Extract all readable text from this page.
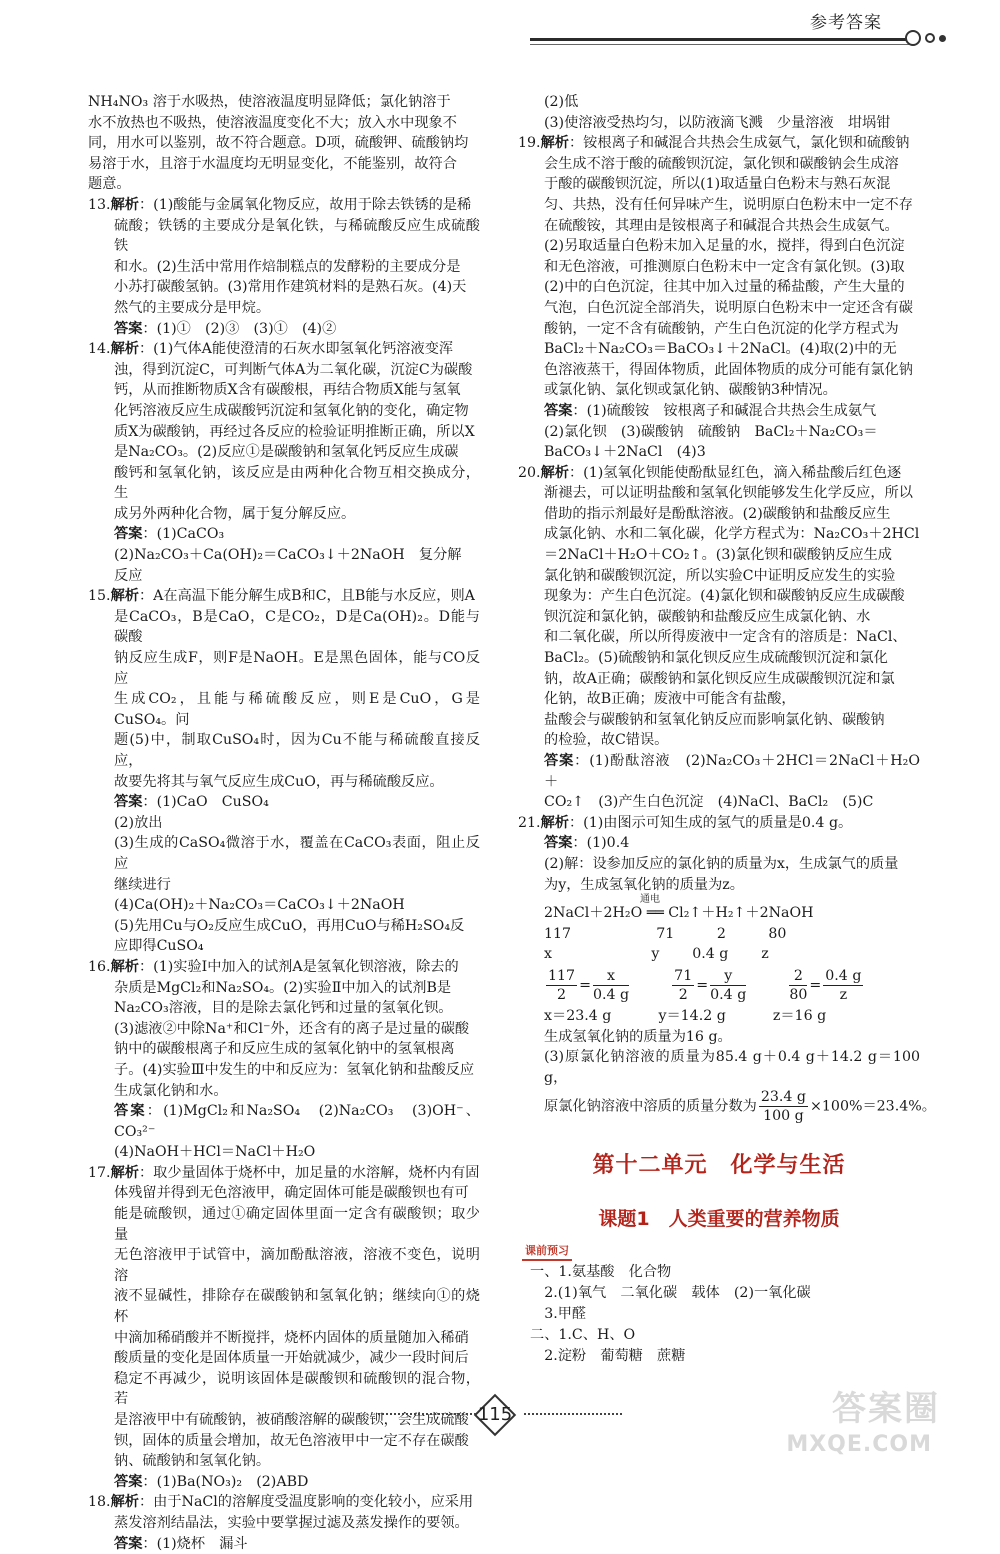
参考答案
NH₄NO₃ 溶于水吸热，使溶液温度明显降低；氯化钠溶于
水不放热也不吸热，使溶液温度变化不大；放入水中现象不
同，用水可以鉴别，故不符合题意。D项，硫酸钾、硫酸钠均
易溶于水，且溶于水温度均无明显变化，不能鉴别，故符合
题意。
13.解析：(1)酸能与金属氧化物反应，故用于除去铁锈的是稀
硫酸；铁锈的主要成分是氧化铁，与稀硫酸反应生成硫酸铁
和水。(2)生活中常用作焙制糕点的发酵粉的主要成分是
小苏打碳酸氢钠。(3)常用作建筑材料的是熟石灰。(4)天
然气的主要成分是甲烷。
答案：(1)①　(2)③　(3)①　(4)②
14.解析：(1)气体A能使澄清的石灰水即氢氧化钙溶液变浑
浊，得到沉淀C，可判断气体A为二氧化碳，沉淀C为碳酸
钙，从而推断物质X含有碳酸根，再结合物质X能与氢氧
化钙溶液反应生成碳酸钙沉淀和氢氧化钠的变化，确定物
质X为碳酸钠，再经过各反应的检验证明推断正确，所以X
是Na₂CO₃。(2)反应①是碳酸钠和氢氧化钙反应生成碳
酸钙和氢氧化钠，该反应是由两种化合物互相交换成分，生
成另外两种化合物，属于复分解反应。
答案：(1)CaCO₃
(2)Na₂CO₃＋Ca(OH)₂＝CaCO₃↓＋2NaOH　复分解
反应
15.解析：A在高温下能分解生成B和C，且B能与水反应，则A
是CaCO₃，B是CaO，C是CO₂，D是Ca(OH)₂。D能与碳酸
钠反应生成F，则F是NaOH。E是黑色固体，能与CO反应
生成CO₂，且能与稀硫酸反应，则E是CuO，G是CuSO₄。问
题(5)中，制取CuSO₄时，因为Cu不能与稀硫酸直接反应，
故要先将其与氧气反应生成CuO，再与稀硫酸反应。
答案：(1)CaO　CuSO₄
(2)放出
(3)生成的CaSO₄微溶于水，覆盖在CaCO₃表面，阻止反应
继续进行
(4)Ca(OH)₂＋Na₂CO₃＝CaCO₃↓＋2NaOH
(5)先用Cu与O₂反应生成CuO，再用CuO与稀H₂SO₄反
应即得CuSO₄
16.解析：(1)实验Ⅰ中加入的试剂A是氢氧化钡溶液，除去的
杂质是MgCl₂和Na₂SO₄。(2)实验Ⅱ中加入的试剂B是
Na₂CO₃溶液，目的是除去氯化钙和过量的氢氧化钡。
(3)滤液②中除Na⁺和Cl⁻外，还含有的离子是过量的碳酸
钠中的碳酸根离子和反应生成的氢氧化钠中的氢氧根离
子。(4)实验Ⅲ中发生的中和反应为：氢氧化钠和盐酸反应
生成氯化钠和水。
答案：(1)MgCl₂和Na₂SO₄　(2)Na₂CO₃　(3)OH⁻、CO₃²⁻
(4)NaOH＋HCl＝NaCl＋H₂O
17.解析：取少量固体于烧杯中，加足量的水溶解，烧杯内有固
体残留并得到无色溶液甲，确定固体可能是碳酸钡也有可
能是硫酸钡，通过①确定固体里面一定含有碳酸钡；取少量
无色溶液甲于试管中，滴加酚酞溶液，溶液不变色，说明溶
液不显碱性，排除存在碳酸钠和氢氧化钠；继续向①的烧杯
中滴加稀硝酸并不断搅拌，烧杯内固体的质量随加入稀硝
酸质量的变化是固体质量一开始就减少，减少一段时间后
稳定不再减少，说明该固体是碳酸钡和硫酸钡的混合物，若
是溶液甲中有硫酸钠，被硝酸溶解的碳酸钡，会生成硫酸
钡，固体的质量会增加，故无色溶液甲中一定不存在碳酸
钠、硫酸钠和氢氧化钠。
答案：(1)Ba(NO₃)₂　(2)ABD
18.解析：由于NaCl的溶解度受温度影响的变化较小，应采用
蒸发溶剂结晶法，实验中要掌握过滤及蒸发操作的要领。
答案：(1)烧杯　漏斗
(2)低
(3)使溶液受热均匀，以防液滴飞溅　少量溶液　坩埚钳
19.解析：铵根离子和碱混合共热会生成氨气，氯化钡和硫酸钠
会生成不溶于酸的硫酸钡沉淀，氯化钡和碳酸钠会生成溶
于酸的碳酸钡沉淀，所以(1)取适量白色粉末与熟石灰混
匀、共热，没有任何异味产生，说明原白色粉末中一定不存
在硫酸铵，其理由是铵根离子和碱混合共热会生成氨气。
(2)另取适量白色粉末加入足量的水，搅拌，得到白色沉淀
和无色溶液，可推测原白色粉末中一定含有氯化钡。(3)取
(2)中的白色沉淀，往其中加入过量的稀盐酸，产生大量的
气泡，白色沉淀全部消失，说明原白色粉末中一定还含有碳
酸钠，一定不含有硫酸钠，产生白色沉淀的化学方程式为
BaCl₂＋Na₂CO₃＝BaCO₃↓＋2NaCl。(4)取(2)中的无
色溶液蒸干，得固体物质，此固体物质的成分可能有氯化钠
或氯化钠、氯化钡或氯化钠、碳酸钠3种情况。
答案：(1)硫酸铵　铵根离子和碱混合共热会生成氨气
(2)氯化钡　(3)碳酸钠　硫酸钠　BaCl₂＋Na₂CO₃＝
BaCO₃↓＋2NaCl　(4)3
20.解析：(1)氢氧化钡能使酚酞显红色，滴入稀盐酸后红色逐
渐褪去，可以证明盐酸和氢氧化钡能够发生化学反应，所以
借助的指示剂最好是酚酞溶液。(2)碳酸钠和盐酸反应生
成氯化钠、水和二氧化碳，化学方程式为：Na₂CO₃＋2HCl
＝2NaCl＋H₂O＋CO₂↑。(3)氯化钡和碳酸钠反应生成
氯化钠和碳酸钡沉淀，所以实验C中证明反应发生的实验
现象为：产生白色沉淀。(4)氯化钡和碳酸钠反应生成碳酸
钡沉淀和氯化钠，碳酸钠和盐酸反应生成氯化钠、水
和二氧化碳，所以所得废液中一定含有的溶质是：NaCl、
BaCl₂。(5)硫酸钠和氯化钡反应生成硫酸钡沉淀和氯化
钠，故A正确；碳酸钠和氯化钡反应生成碳酸钡沉淀和氯
化钠，故B正确；废液中可能含有盐酸，
盐酸会与碳酸钠和氢氧化钠反应而影响氯化钠、碳酸钠
的检验，故C错误。
答案：(1)酚酞溶液　(2)Na₂CO₃＋2HCl＝2NaCl＋H₂O＋
CO₂↑　(3)产生白色沉淀　(4)NaCl、BaCl₂　(5)C
21.解析：(1)由图示可知生成的氢气的质量是0.4 g。
答案：(1)0.4
(2)解：设参加反应的氯化钠的质量为x，生成氯气的质量
为y，生成氢氧化钠的质量为z。
通电
2NaCl＋2H₂O ══ Cl₂↑＋H₂↑＋2NaOH
117　　　　　　71　　　2　　　80
x　　　　　　　y　　 0.4 g　　 z
$\frac{117}{2} = \frac{x}{0.4 g}$
	$\frac{71}{2} = \frac{y}{0.4 g}$
	$\frac{2}{80} = \frac{0.4 g}{z}$
x＝23.4 g　　　 y＝14.2 g　　　 z＝16 g
生成氢氧化钠的质量为16 g。
(3)原氯化钠溶液的质量为85.4 g＋0.4 g＋14.2 g＝100 g，
原氯化钠溶液中溶质的质量分数为 $\frac{23.4 g}{100 g} \times 100\%=23.4\%$。
第十二单元　化学与生活
课题1　人类重要的营养物质
课前预习
一、1.氨基酸　化合物
　2.(1)氧气　二氧化碳　载体　(2)一氧化碳
　3.甲醛
二、1.C、H、O
　2.淀粉　葡萄糖　蔗糖
115	答案圈
MXQE.COM
